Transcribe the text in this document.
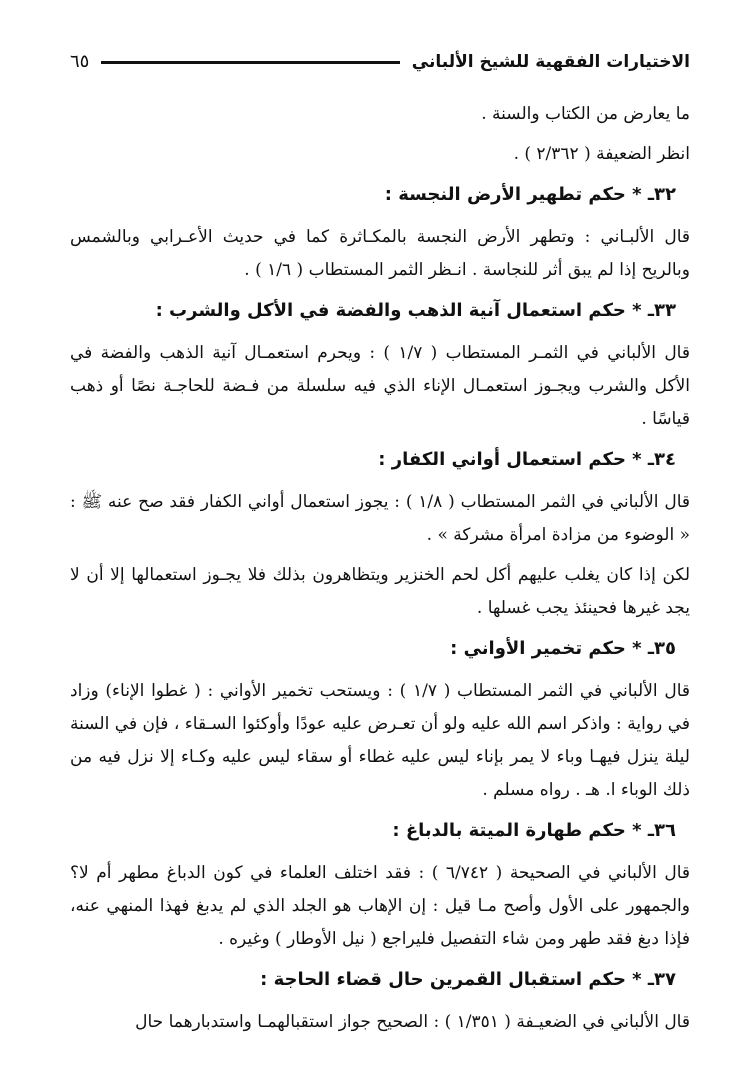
الاختيارات الفقهية للشيخ الألباني
٦٥

ما يعارض من الكتاب والسنة .

انظر الضعيفة ( ٢/٣٦٢ ) .

٣٢ـ * حكم تطهير الأرض النجسة :

قال الألبـاني : وتطهر الأرض النجسة بالمكـاثرة كما في حديث الأعـرابي وبالشمس وبالريح إذا لم يبق أثر للنجاسة . انـظر الثمر المستطاب ( ١/٦ ) .

٣٣ـ * حكم استعمال آنية الذهب والفضة في الأكل والشرب :

قال الألباني في الثمـر المستطاب ( ١/٧ ) : ويحرم استعمـال آنية الذهب والفضة في الأكل والشرب ويجـوز استعمـال الإناء الذي فيه سلسلة من فـضة للحاجـة نصًا أو ذهب قياسًا .

٣٤ـ * حكم استعمال أواني الكفار :

قال الألباني في الثمر المستطاب ( ١/٨ ) : يجوز استعمال أواني الكفار فقد صح عنه ﷺ : « الوضوء من مزادة امرأة مشركة » .

لكن إذا كان يغلب عليهم أكل لحم الخنزير ويتظاهرون بذلك فلا يجـوز استعمالها إلا أن لا يجد غيرها فحينئذ يجب غسلها .

٣٥ـ * حكم تخمير الأواني :

قال الألباني في الثمر المستطاب ( ١/٧ ) : ويستحب تخمير الأواني : ( غطوا الإناء) وزاد في رواية : واذكر اسم الله عليه ولو أن تعـرض عليه عودًا وأوكئوا السـقاء ، فإن في السنة ليلة ينزل فيهـا وباء لا يمر بإناء ليس عليه غطاء أو سقاء ليس عليه وكـاء إلا نزل فيه من ذلك الوباء ا. هـ . رواه مسلم .

٣٦ـ * حكم طهارة الميتة بالدباغ :

قال الألباني في الصحيحة ( ٦/٧٤٢ ) : فقد اختلف العلماء في كون الدباغ مطهر أم لا؟ والجمهور على الأول وأصح مـا قيل : إن الإهاب هو الجلد الذي لم يدبغ فهذا المنهي عنه، فإذا دبغ فقد طهر ومن شاء التفصيل فليراجع ( نيل الأوطار ) وغيره .

٣٧ـ * حكم استقبال القمرين حال قضاء الحاجة :

قال الألباني في الضعيـفة ( ١/٣٥١ ) : الصحيح جواز استقبالهمـا واستدبارهما حال
